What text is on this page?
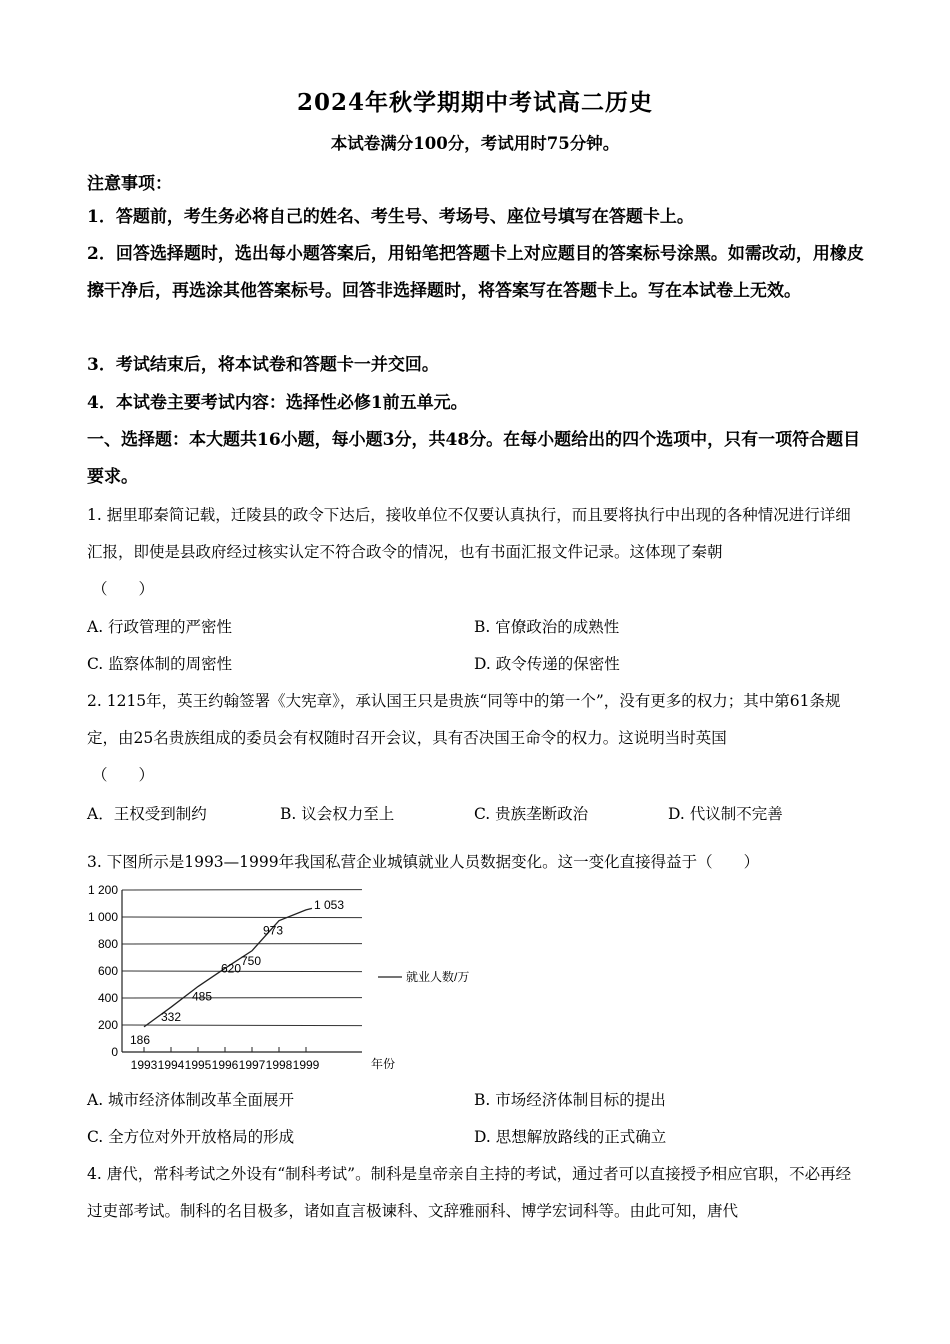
2024年秋学期期中考试高二历史
本试卷满分100分，考试用时75分钟。
注意事项：
1．答题前，考生务必将自己的姓名、考生号、考场号、座位号填写在答题卡上。
2．回答选择题时，选出每小题答案后，用铅笔把答题卡上对应题目的答案标号涂黑。如需改动，用橡皮擦干净后，再选涂其他答案标号。回答非选择题时，将答案写在答题卡上。写在本试卷上无效。
3．考试结束后，将本试卷和答题卡一并交回。
4．本试卷主要考试内容：选择性必修1前五单元。
一、选择题：本大题共16小题，每小题3分，共48分。在每小题给出的四个选项中，只有一项符合题目要求。
1. 据里耶秦简记载，迁陵县的政令下达后，接收单位不仅要认真执行，而且要将执行中出现的各种情况进行详细汇报，即使是县政府经过核实认定不符合政令的情况，也有书面汇报文件记录。这体现了秦朝
（　　）
A. 行政管理的严密性	B. 官僚政治的成熟性
C. 监察体制的周密性	D. 政令传递的保密性
2. 1215年，英王约翰签署《大宪章》，承认国王只是贵族“同等中的第一个”，没有更多的权力；其中第61条规定，由25名贵族组成的委员会有权随时召开会议，具有否决国王命令的权力。这说明当时英国
（　　）
A．王权受到制约	B. 议会权力至上	C. 贵族垄断政治	D. 代议制不完善
3. 下图所示是1993—1999年我国私营企业城镇就业人员数据变化。这一变化直接得益于（　　）
0
200
400
600
800
1 000
1 200
1993 1994 1995 1996 1997 1998 1999
186
332
485
620
750
973
1 053
就业人数/万
年份
A. 城市经济体制改革全面展开	B. 市场经济体制目标的提出
C. 全方位对外开放格局的形成	D. 思想解放路线的正式确立
4. 唐代，常科考试之外设有“制科考试”。制科是皇帝亲自主持的考试，通过者可以直接授予相应官职，不必再经过吏部考试。制科的名目极多，诸如直言极谏科、文辞雅丽科、博学宏词科等。由此可知，唐代
